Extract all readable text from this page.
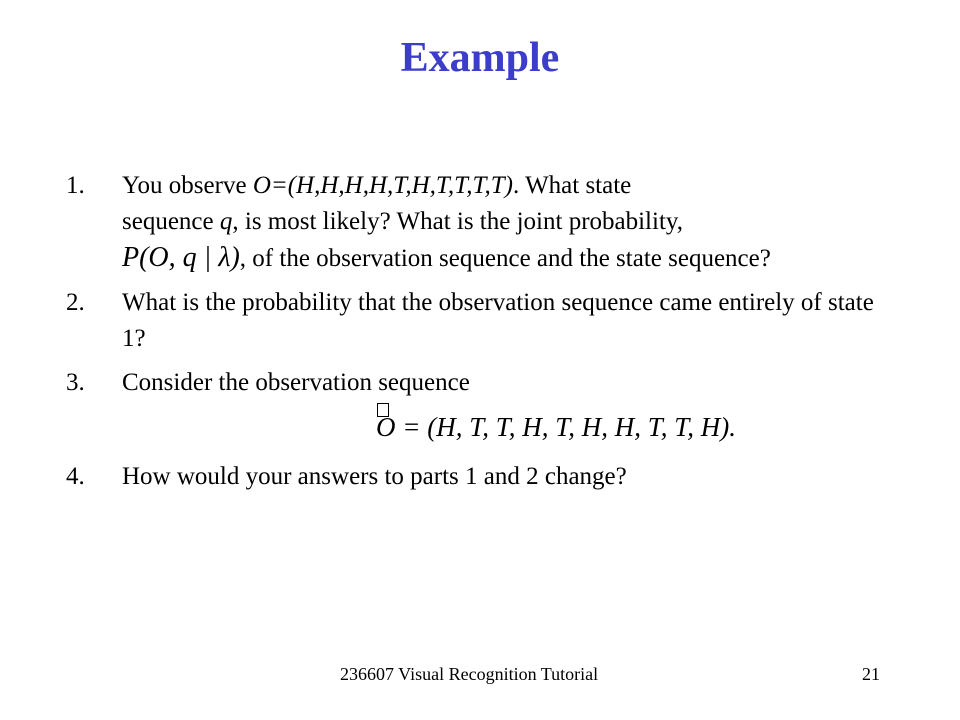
Example
1. You observe O=(H,H,H,H,T,H,T,T,T,T). What state
sequence q, is most likely? What is the joint probability,
P(O, q | λ), of the observation sequence and the state sequence?
2. What is the probability that the observation sequence came entirely of state 1?
3. Consider the observation sequence
O = (H, T, T, H, T, H, H, T, T, H).
4. How would your answers to parts 1 and 2 change?
236607 Visual Recognition Tutorial	21
